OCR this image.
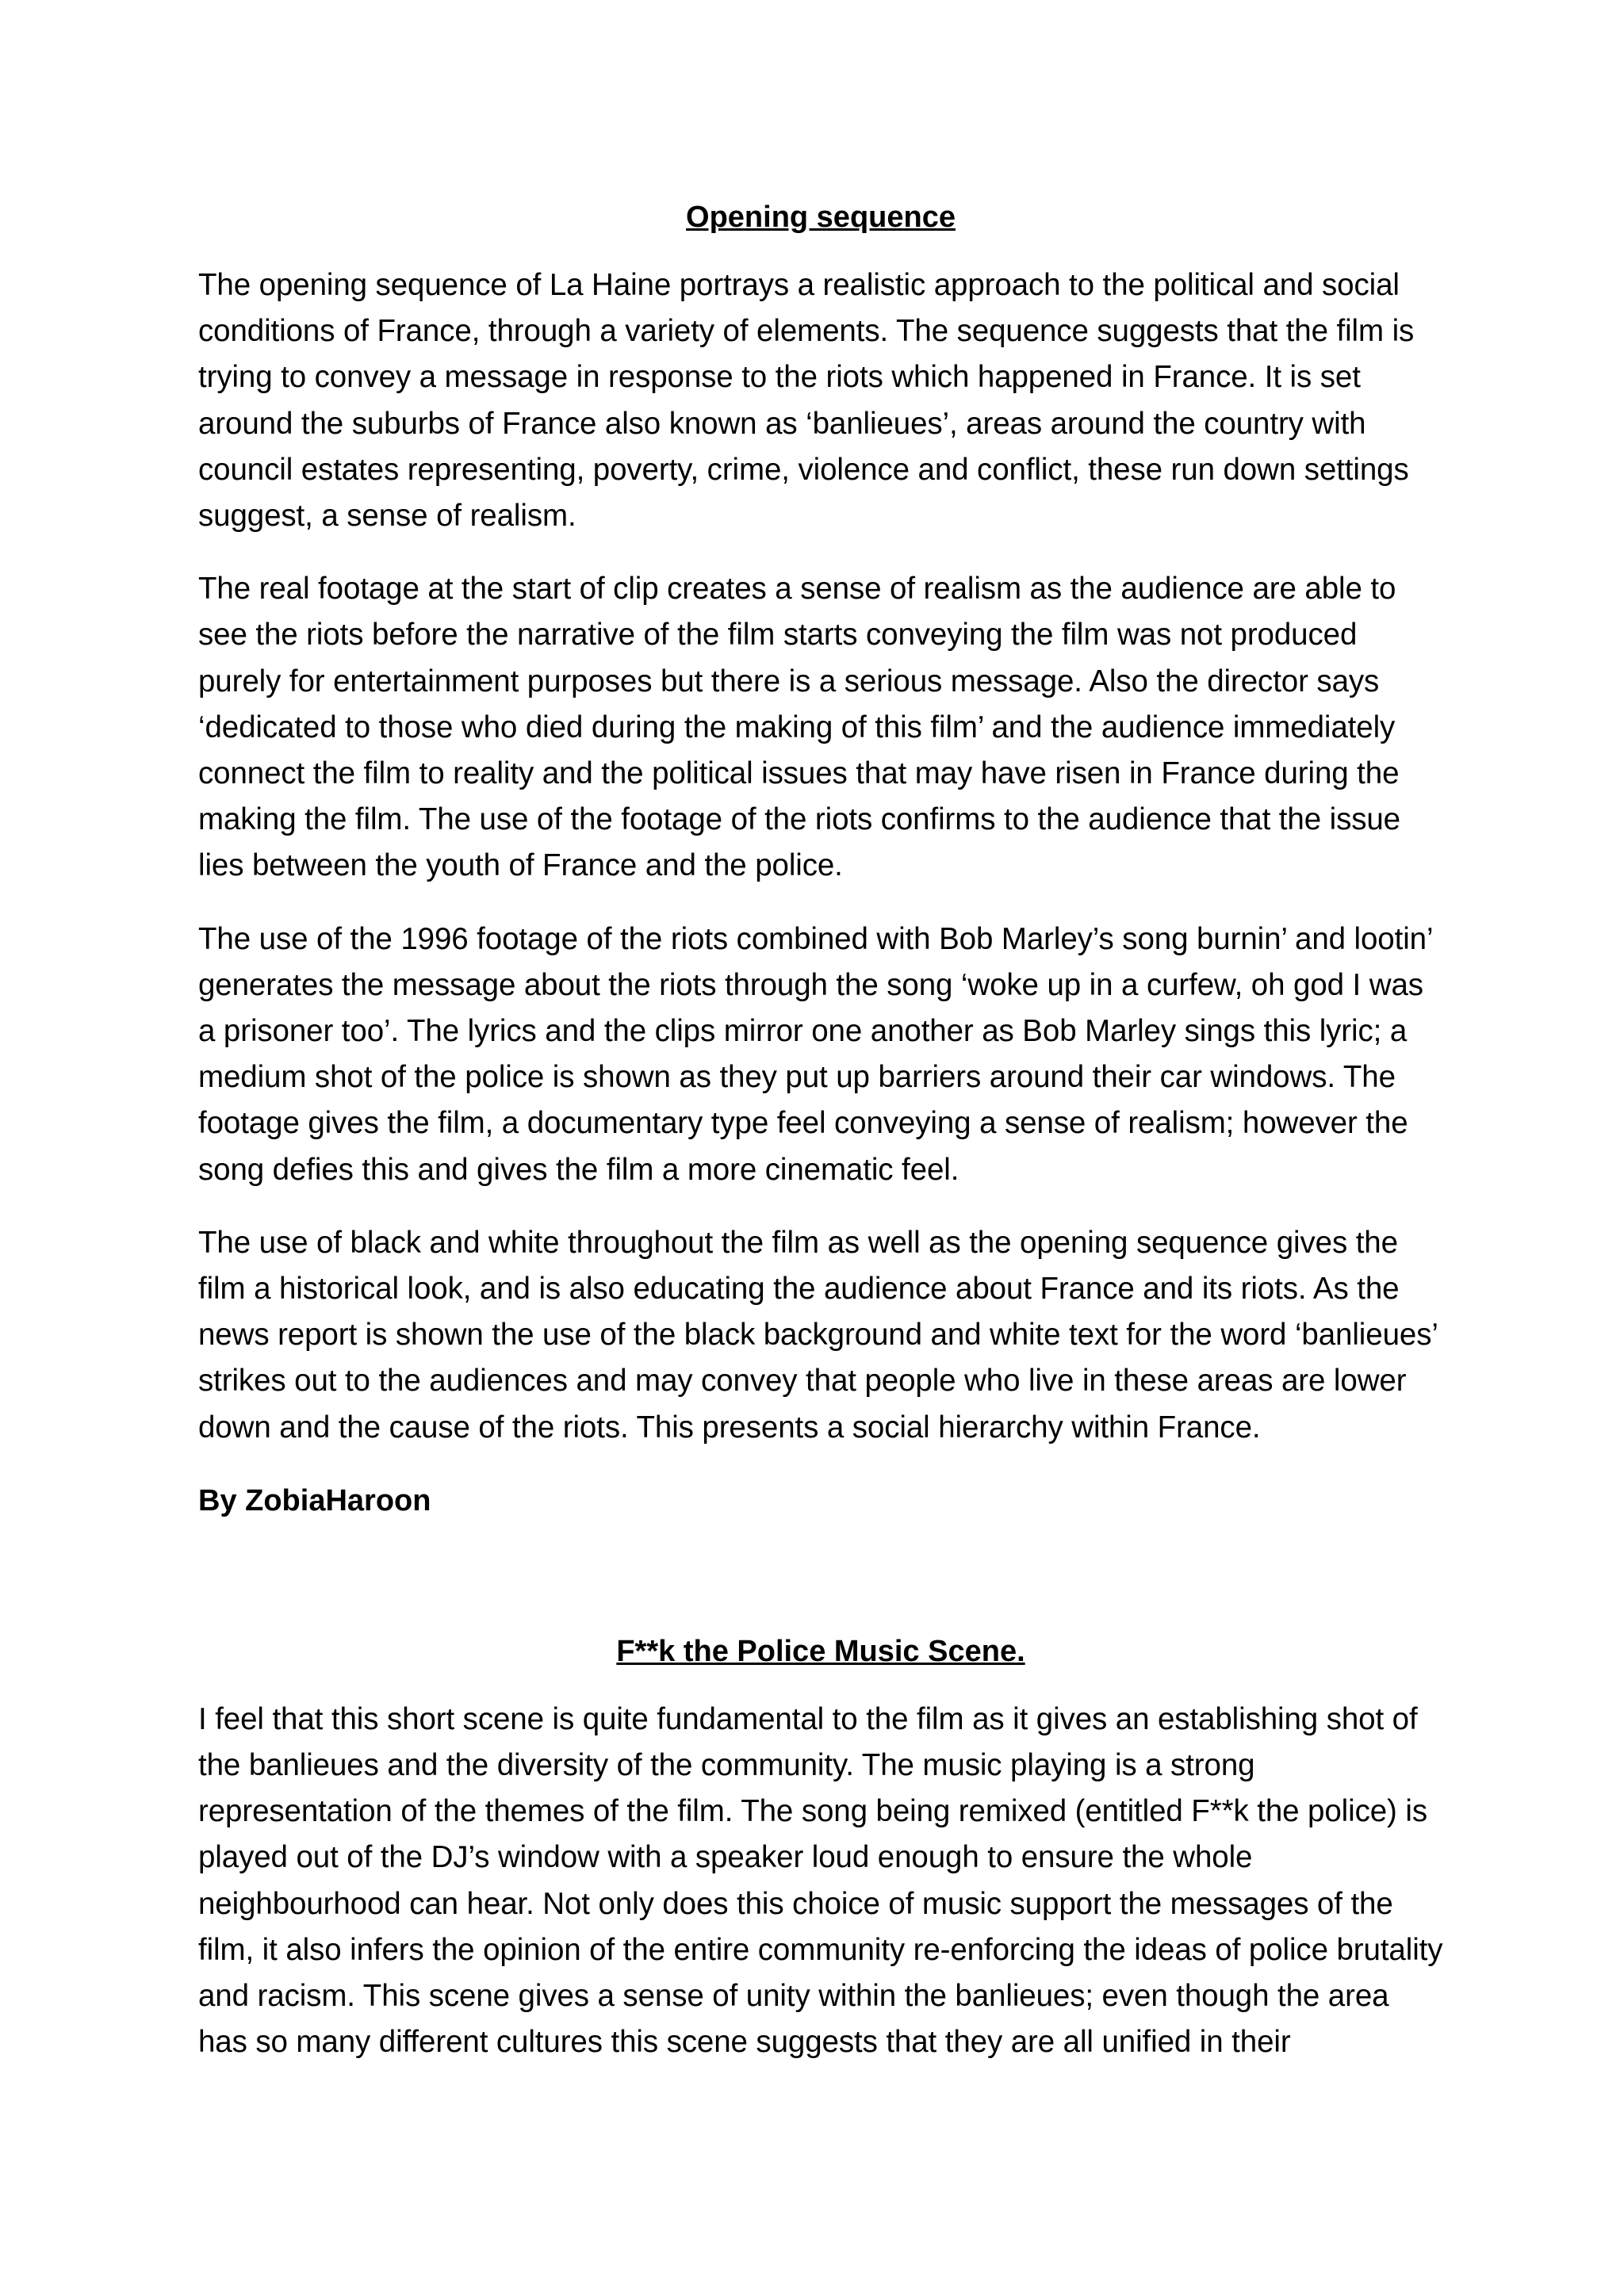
Opening sequence

The opening sequence of La Haine portrays a realistic approach to the political and social conditions of France, through a variety of elements. The sequence suggests that the film is trying to convey a message in response to the riots which happened in France. It is set around the suburbs of France also known as ‘banlieues’, areas around the country with council estates representing, poverty, crime, violence and conflict, these run down settings suggest, a sense of realism.

The real footage at the start of clip creates a sense of realism as the audience are able to see the riots before the narrative of the film starts conveying the film was not produced purely for entertainment purposes but there is a serious message. Also the director says ‘dedicated to those who died during the making of this film’ and the audience immediately connect the film to reality and the political issues that may have risen in France during the making the film. The use of the footage of the riots confirms to the audience that the issue lies between the youth of France and the police.

The use of the 1996 footage of the riots combined with Bob Marley’s song burnin’ and lootin’ generates the message about the riots through the song ‘woke up in a curfew, oh god I was a prisoner too’. The lyrics and the clips mirror one another as Bob Marley sings this lyric; a medium shot of the police is shown as they put up barriers around their car windows. The footage gives the film, a documentary type feel conveying a sense of realism; however the song defies this and gives the film a more cinematic feel.

The use of black and white throughout the film as well as the opening sequence gives the film a historical look, and is also educating the audience about France and its riots. As the news report is shown the use of the black background and white text for the word ‘banlieues’ strikes out to the audiences and may convey that people who live in these areas are lower down and the cause of the riots. This presents a social hierarchy within France.

By ZobiaHaroon

F**k the Police Music Scene.

I feel that this short scene is quite fundamental to the film as it gives an establishing shot of the banlieues and the diversity of the community. The music playing is a strong representation of the themes of the film. The song being remixed (entitled F**k the police) is played out of the DJ’s window with a speaker loud enough to ensure the whole neighbourhood can hear. Not only does this choice of music support the messages of the film, it also infers the opinion of the entire community re-enforcing the ideas of police brutality and racism. This scene gives a sense of unity within the banlieues; even though the area has so many different cultures this scene suggests that they are all unified in their
